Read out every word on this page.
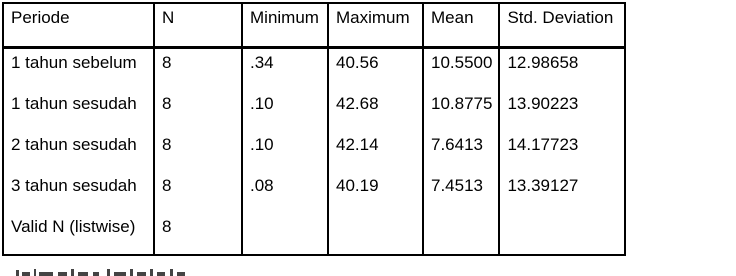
Periode	N	Minimum	Maximum	Mean	Std. Deviation
1 tahun sebelum	8	.34	40.56	10.5500	12.98658
1 tahun sesudah	8	.10	42.68	10.8775	13.90223
2 tahun sesudah	8	.10	42.14	7.6413	14.17723
3 tahun sesudah	8	.08	40.19	7.4513	13.39127
Valid N (listwise)	8				
